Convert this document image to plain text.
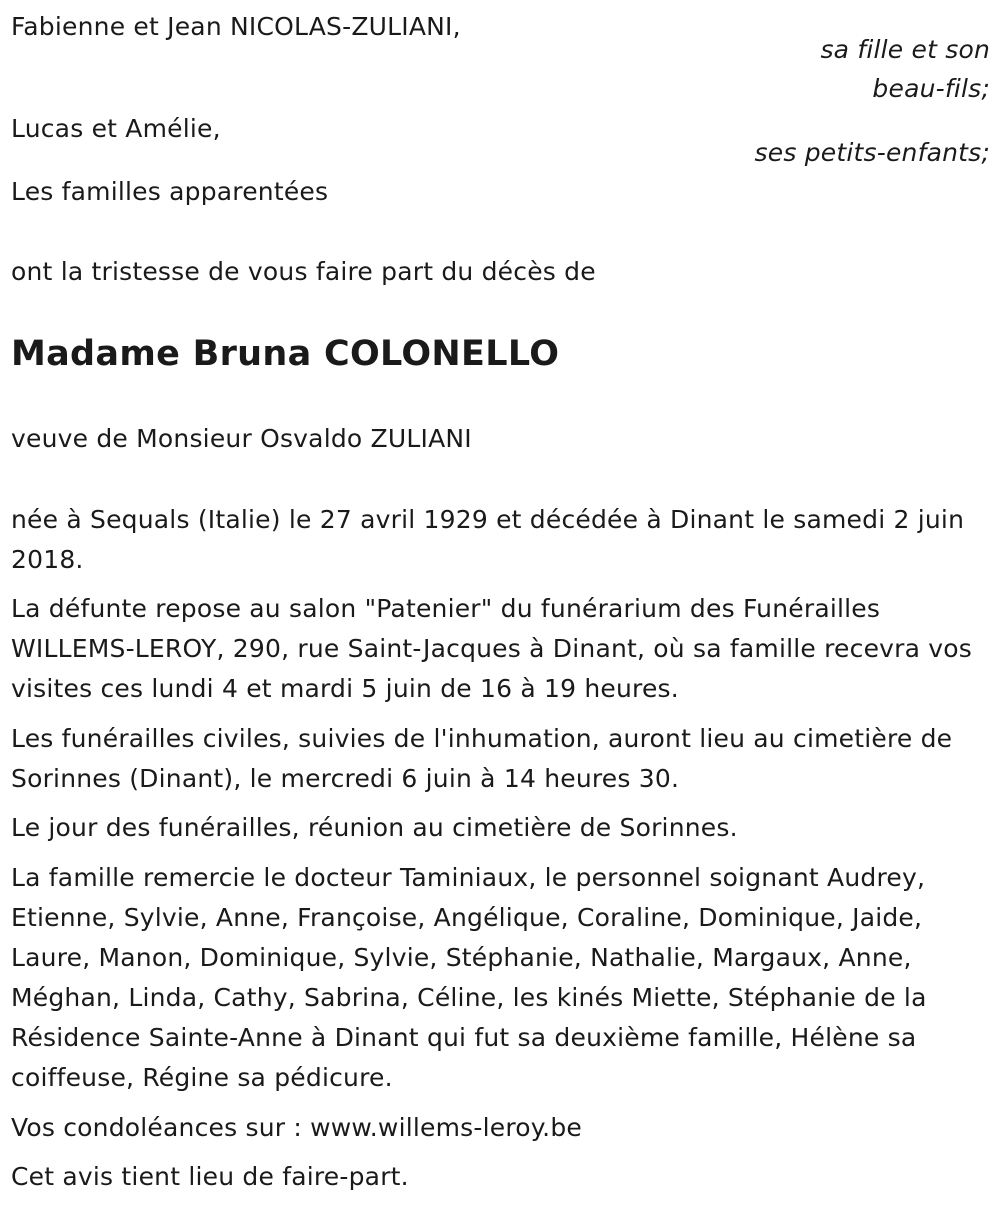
Fabienne et Jean NICOLAS-ZULIANI,
sa fille et son
beau-fils;
Lucas et Amélie,
ses petits-enfants;
Les familles apparentées
ont la tristesse de vous faire part du décès de
Madame Bruna COLONELLO
veuve de Monsieur Osvaldo ZULIANI
née à Sequals (Italie) le 27 avril 1929 et décédée à Dinant le samedi 2 juin 2018.
La défunte repose au salon "Patenier" du funérarium des Funérailles WILLEMS-LEROY, 290, rue Saint-Jacques à Dinant, où sa famille recevra vos visites ces lundi 4 et mardi 5 juin de 16 à 19 heures.
Les funérailles civiles, suivies de l'inhumation, auront lieu au cimetière de Sorinnes (Dinant), le mercredi 6 juin à 14 heures 30.
Le jour des funérailles, réunion au cimetière de Sorinnes.
La famille remercie le docteur Taminiaux, le personnel soignant Audrey, Etienne, Sylvie, Anne, Françoise, Angélique, Coraline, Dominique, Jaide, Laure, Manon, Dominique, Sylvie, Stéphanie, Nathalie, Margaux, Anne, Méghan, Linda, Cathy, Sabrina, Céline, les kinés Miette, Stéphanie de la Résidence Sainte-Anne à Dinant qui fut sa deuxième famille, Hélène sa coiffeuse, Régine sa pédicure.
Vos condoléances sur : www.willems-leroy.be
Cet avis tient lieu de faire-part.
